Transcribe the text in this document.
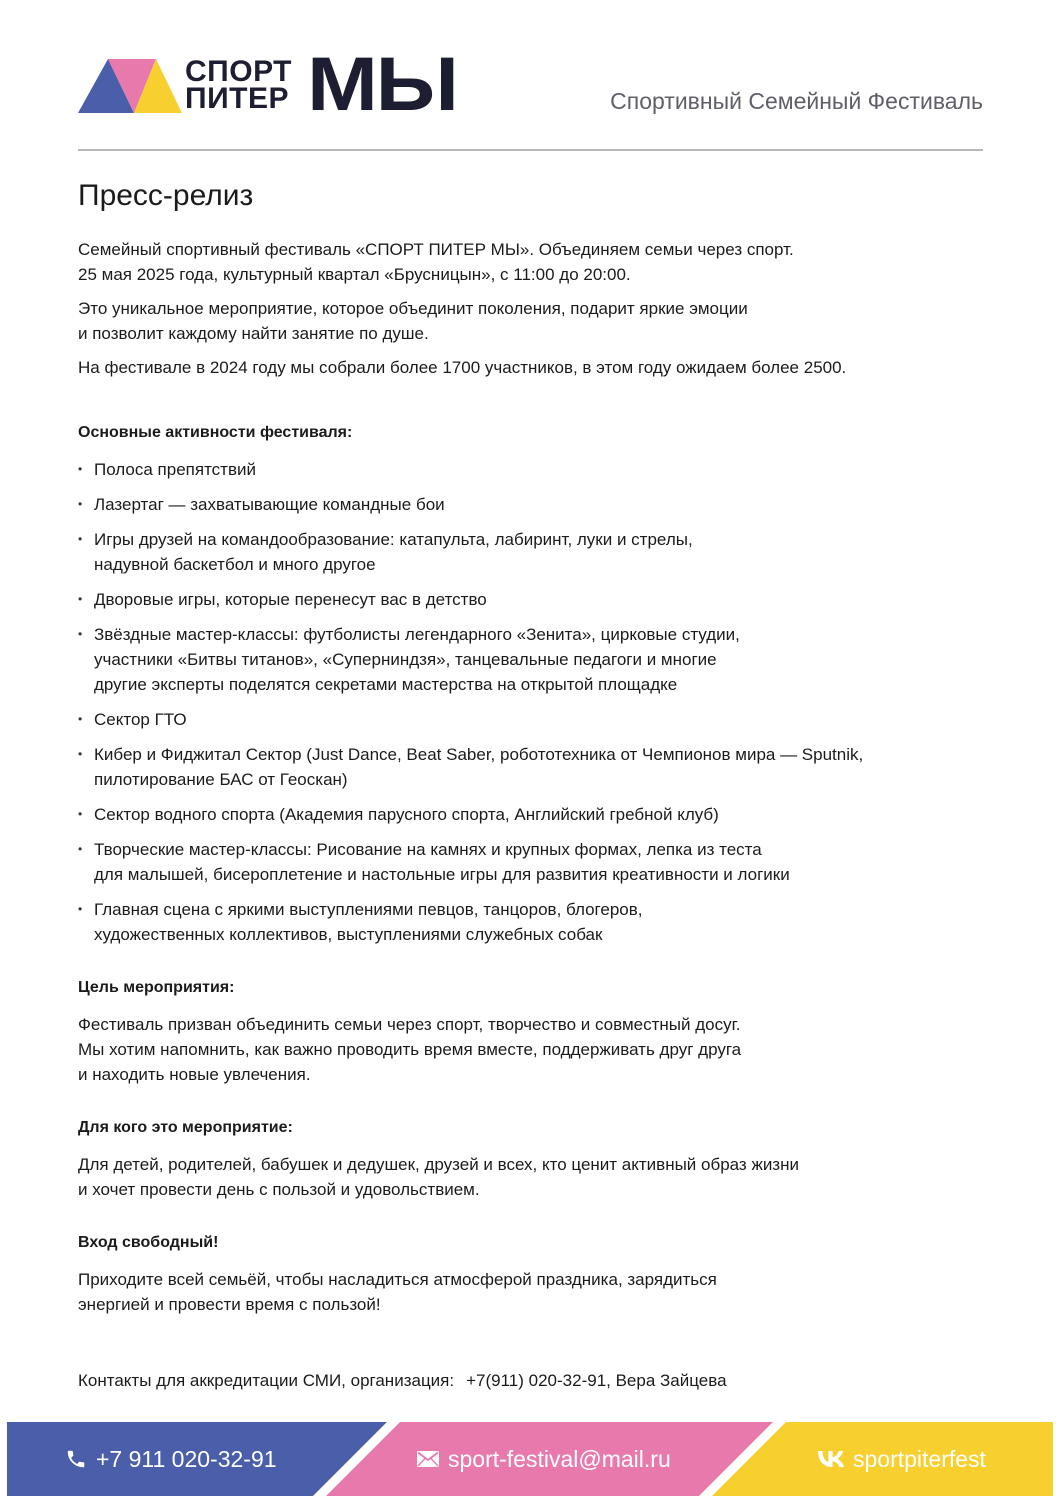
СПОРТ
ПИТЕР МЫ	Спортивный Семейный Фестиваль
Пресс-релиз

Семейный спортивный фестиваль «СПОРТ ПИТЕР МЫ». Объединяем семьи через спорт.
25 мая 2025 года, культурный квартал «Брусницын», с 11:00 до 20:00.

Это уникальное мероприятие, которое объединит поколения, подарит яркие эмоции
и позволит каждому найти занятие по душе.

На фестивале в 2024 году мы собрали более 1700 участников, в этом году ожидаем более 2500.

Основные активности фестиваля:
• Полоса препятствий
• Лазертаг — захватывающие командные бои
• Игры друзей на командообразование: катапульта, лабиринт, луки и стрелы,
надувной баскетбол и много другое
• Дворовые игры, которые перенесут вас в детство
• Звёздные мастер-классы: футболисты легендарного «Зенита», цирковые студии,
участники «Битвы титанов», «Суперниндзя», танцевальные педагоги и многие
другие эксперты поделятся секретами мастерства на открытой площадке
• Сектор ГТО
• Кибер и Фиджитал Сектор (Just Dance, Beat Saber, робототехника от Чемпионов мира — Sputnik,
пилотирование БАС от Геоскан)
• Сектор водного спорта (Академия парусного спорта, Английский гребной клуб)
• Творческие мастер-классы: Рисование на камнях и крупных формах, лепка из теста
для малышей, бисероплетение и настольные игры для развития креативности и логики
• Главная сцена с яркими выступлениями певцов, танцоров, блогеров,
художественных коллективов, выступлениями служебных собак
Цель мероприятия:

Фестиваль призван объединить семьи через спорт, творчество и совместный досуг.
Мы хотим напомнить, как важно проводить время вместе, поддерживать друг друга
и находить новые увлечения.

Для кого это мероприятие:

Для детей, родителей, бабушек и дедушек, друзей и всех, кто ценит активный образ жизни
и хочет провести день с пользой и удовольствием.

Вход свободный!

Приходите всей семьёй, чтобы насладиться атмосферой праздника, зарядиться
энергией и провести время с пользой!

Контакты для аккредитации СМИ, организация: +7(911) 020-32-91, Вера Зайцева

+7 911 020-32-91	sport-festival@mail.ru	sportpiterfest
